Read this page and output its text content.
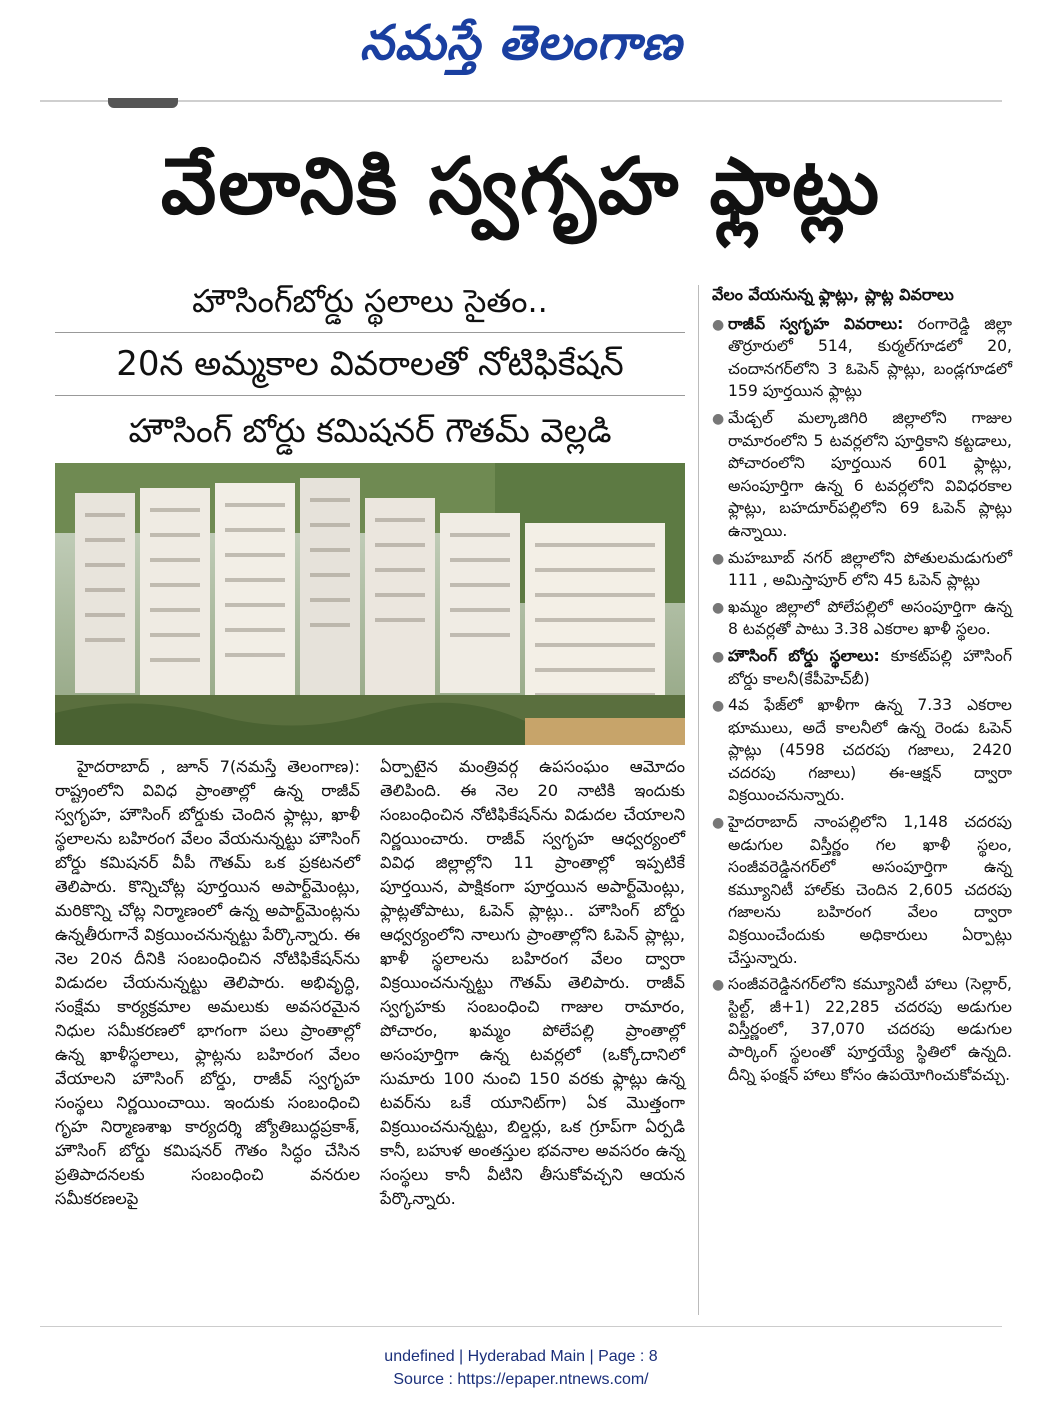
నమస్తే తెలంగాణ
వేలానికి స్వగృహ ఫ్లాట్లు
హౌసింగ్‌బోర్డు స్థలాలు సైతం..
20న అమ్మకాల వివరాలతో నోటిఫికేషన్
హౌసింగ్ బోర్డు కమిషనర్ గౌతమ్ వెల్లడి

హైదరాబాద్ , జూన్ 7(నమస్తే తెలంగాణ): రాష్ట్రంలోని వివిధ ప్రాంతాల్లో ఉన్న రాజీవ్ స్వగృహ, హౌసింగ్ బోర్డుకు చెందిన ఫ్లాట్లు, ఖాళీ స్థలాలను బహిరంగ వేలం వేయనున్నట్టు హౌసింగ్ బోర్డు కమిషనర్ వీపీ గౌతమ్ ఒక ప్రకటనలో తెలిపారు. కొన్నిచోట్ల పూర్తయిన అపార్ట్‌మెంట్లు, మరికొన్ని చోట్ల నిర్మాణంలో ఉన్న అపార్ట్‌మెంట్లను ఉన్నతీరుగానే విక్రయించనున్నట్టు పేర్కొన్నారు. ఈ నెల 20న దీనికి సంబంధించిన నోటిఫికేషన్‌ను విడుదల చేయనున్నట్టు తెలిపారు. అభివృద్ధి, సంక్షేమ కార్యక్రమాల అమలుకు అవసరమైన నిధుల సమీకరణలో భాగంగా పలు ప్రాంతాల్లో ఉన్న ఖాళీస్థలాలు, ఫ్లాట్లను బహిరంగ వేలం వేయాలని హౌసింగ్ బోర్డు, రాజీవ్ స్వగృహ సంస్థలు నిర్ణయించాయి. ఇందుకు సంబంధించి గృహ నిర్మాణశాఖ కార్యదర్శి జ్యోతిబుద్ధప్రకాశ్, హౌసింగ్ బోర్డు కమిషనర్ గౌతం సిద్ధం చేసిన ప్రతిపాదనలకు సంబంధించి వనరుల సమీకరణలపై

ఏర్పాటైన మంత్రివర్గ ఉపసంఘం ఆమోదం తెలిపింది. ఈ నెల 20 నాటికి ఇందుకు సంబంధించిన నోటిఫికేషన్‌ను విడుదల చేయాలని నిర్ణయించారు. రాజీవ్ స్వగృహ ఆధ్వర్యంలో వివిధ జిల్లాల్లోని 11 ప్రాంతాల్లో ఇప్పటికే పూర్తయిన, పాక్షికంగా పూర్తయిన అపార్ట్‌మెంట్లు, ఫ్లాట్లతోపాటు, ఓపెన్ ప్లాట్లు.. హౌసింగ్ బోర్డు ఆధ్వర్యంలోని నాలుగు ప్రాంతాల్లోని ఓపెన్ ప్లాట్లు, ఖాళీ స్థలాలను బహిరంగ వేలం ద్వారా విక్రయించనున్నట్టు గౌతమ్ తెలిపారు. రాజీవ్ స్వగృహకు సంబంధించి గాజుల రామారం, పోచారం, ఖమ్మం పోలేపల్లి ప్రాంతాల్లో అసంపూర్తిగా ఉన్న టవర్లలో (ఒక్కోదానిలో సుమారు 100 నుంచి 150 వరకు ఫ్లాట్లు ఉన్న టవర్‌ను ఒకే యూనిట్‌గా) ఏక మొత్తంగా విక్రయించనున్నట్టు, బిల్డర్లు, ఒక గ్రూప్‌గా ఏర్పడి కానీ, బహుళ అంతస్తుల భవనాల అవసరం ఉన్న సంస్థలు కానీ వీటిని తీసుకోవచ్చని ఆయన పేర్కొన్నారు.

వేలం వేయనున్న ఫ్లాట్లు, ప్లాట్ల వివరాలు
● రాజీవ్ స్వగృహ వివరాలు: రంగారెడ్డి జిల్లా తొర్రూరులో 514, కుర్మల్‌గూడలో 20, చందానగర్‌లోని 3 ఓపెన్ ప్లాట్లు, బండ్లగూడలో 159 పూర్తయిన ఫ్లాట్లు
● మేడ్చల్ మల్కాజిగిరి జిల్లాలోని గాజుల రామారంలోని 5 టవర్లలోని పూర్తికాని కట్టడాలు, పోచారంలోని పూర్తయిన 601 ఫ్లాట్లు, అసంపూర్తిగా ఉన్న 6 టవర్లలోని వివిధరకాల ఫ్లాట్లు, బహదూర్‌పల్లిలోని 69 ఓపెన్ ప్లాట్లు ఉన్నాయి.
● మహబూబ్ నగర్ జిల్లాలోని పోతులమడుగులో 111 , అమిస్తాపూర్ లోని 45 ఓపెన్ ప్లాట్లు
● ఖమ్మం జిల్లాలో పోలేపల్లిలో అసంపూర్తిగా ఉన్న 8 టవర్లతో పాటు 3.38 ఎకరాల ఖాళీ స్థలం.
● హౌసింగ్ బోర్డు స్థలాలు: కూకట్‌పల్లి హౌసింగ్ బోర్డు కాలనీ(కేపీహెచ్‌బీ)
● 4వ ఫేజ్‌లో ఖాళీగా ఉన్న 7.33 ఎకరాల భూములు, అదే కాలనీలో ఉన్న రెండు ఓపెన్ ప్లాట్లు (4598 చదరపు గజాలు, 2420 చదరపు గజాలు) ఈ-ఆక్షన్ ద్వారా విక్రయించనున్నారు.
● హైదరాబాద్ నాంపల్లిలోని 1,148 చదరపు అడుగుల విస్తీర్ణం గల ఖాళీ స్థలం, సంజీవరెడ్డినగర్‌లో అసంపూర్తిగా ఉన్న కమ్యూనిటీ హాల్‌కు చెందిన 2,605 చదరపు గజాలను బహిరంగ వేలం ద్వారా విక్రయించేందుకు అధికారులు ఏర్పాట్లు చేస్తున్నారు.
● సంజీవరెడ్డినగర్‌లోని కమ్యూనిటీ హాలు (సెల్లార్, స్టిల్ట్, జీ+1) 22,285 చదరపు అడుగుల విస్తీర్ణంలో, 37,070 చదరపు అడుగుల పార్కింగ్ స్థలంతో పూర్తయ్యే స్థితిలో ఉన్నది. దీన్ని ఫంక్షన్ హాలు కోసం ఉపయోగించుకోవచ్చు.
undefined | Hyderabad Main | Page : 8
Source : https://epaper.ntnews.com/
